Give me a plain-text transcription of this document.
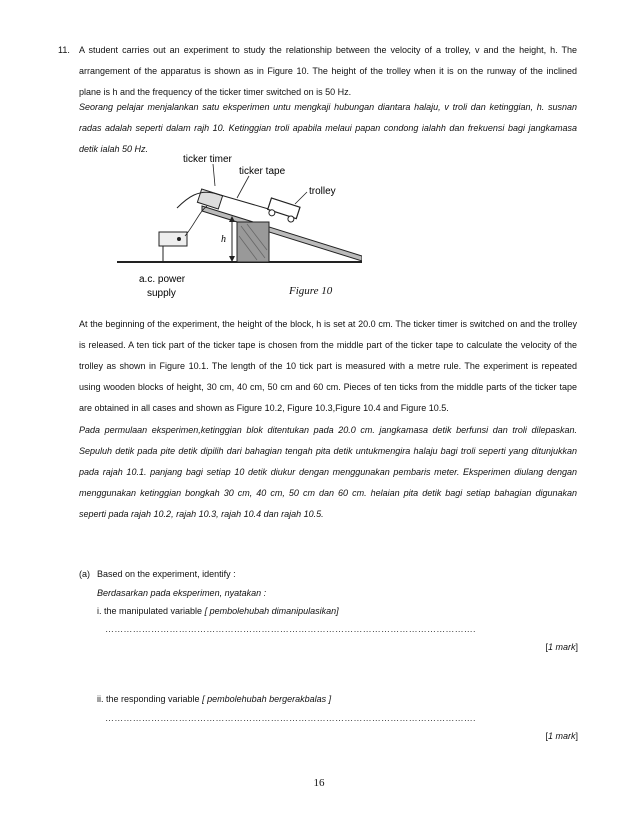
11. A student carries out an experiment to study the relationship between the velocity of a trolley, v and the height, h. The arrangement of the apparatus is shown as in Figure 10. The height of the trolley when it is on the runway of the inclined plane is h and the frequency of the ticker timer switched on is 50 Hz.
Seorang pelajar menjalankan satu eksperimen untu mengkaji hubungan diantara halaju, v troli dan ketinggian, h. susnan radas adalah seperti dalam rajh 10. Ketinggian troli apabila melaui papan condong ialahh dan frekuensi bagi jangkamasa detik ialah 50 Hz.
h
ticker timer
ticker tape
trolley
a.c. power
supply	Figure 10
At the beginning of the experiment, the height of the block, h is set at 20.0 cm. The ticker timer is switched on and the trolley is released. A ten tick part of the ticker tape is chosen from the middle part of the ticker tape to calculate the velocity of the trolley as shown in Figure 10.1. The length of the 10 tick part is measured with a metre rule. The experiment is repeated using wooden blocks of height, 30 cm, 40 cm, 50 cm and 60 cm. Pieces of ten ticks from the middle parts of the ticker tape are obtained in all cases and shown as Figure 10.2, Figure 10.3,Figure 10.4 and Figure 10.5.
Pada permulaan eksperimen,ketinggian blok ditentukan pada 20.0 cm. jangkamasa detik berfunsi dan troli dilepaskan. Sepuluh detik pada pite detik dipilih dari bahagian tengah pita detik untukmengira halaju bagi troli seperti yang ditunjukkan pada rajah 10.1. panjang bagi setiap 10 detik diukur dengan menggunakan pembaris meter. Eksperimen diulang dengan menggunakan ketinggian bongkah 30 cm, 40 cm, 50 cm dan 60 cm. helaian pita detik bagi setiap bahagian digunakan seperti pada rajah 10.2, rajah 10.3, rajah 10.4 dan rajah 10.5.
(a) Based on the experiment, identify :
Berdasarkan pada eksperimen, nyatakan :
i. the manipulated variable [ pembolehubah dimanipulasikan]
………………………………………………………………………………………………………….
[1 mark]
ii. the responding variable [ pembolehubah bergerakbalas ]
………………………………………………………………………………………………………….
[1 mark]
16
